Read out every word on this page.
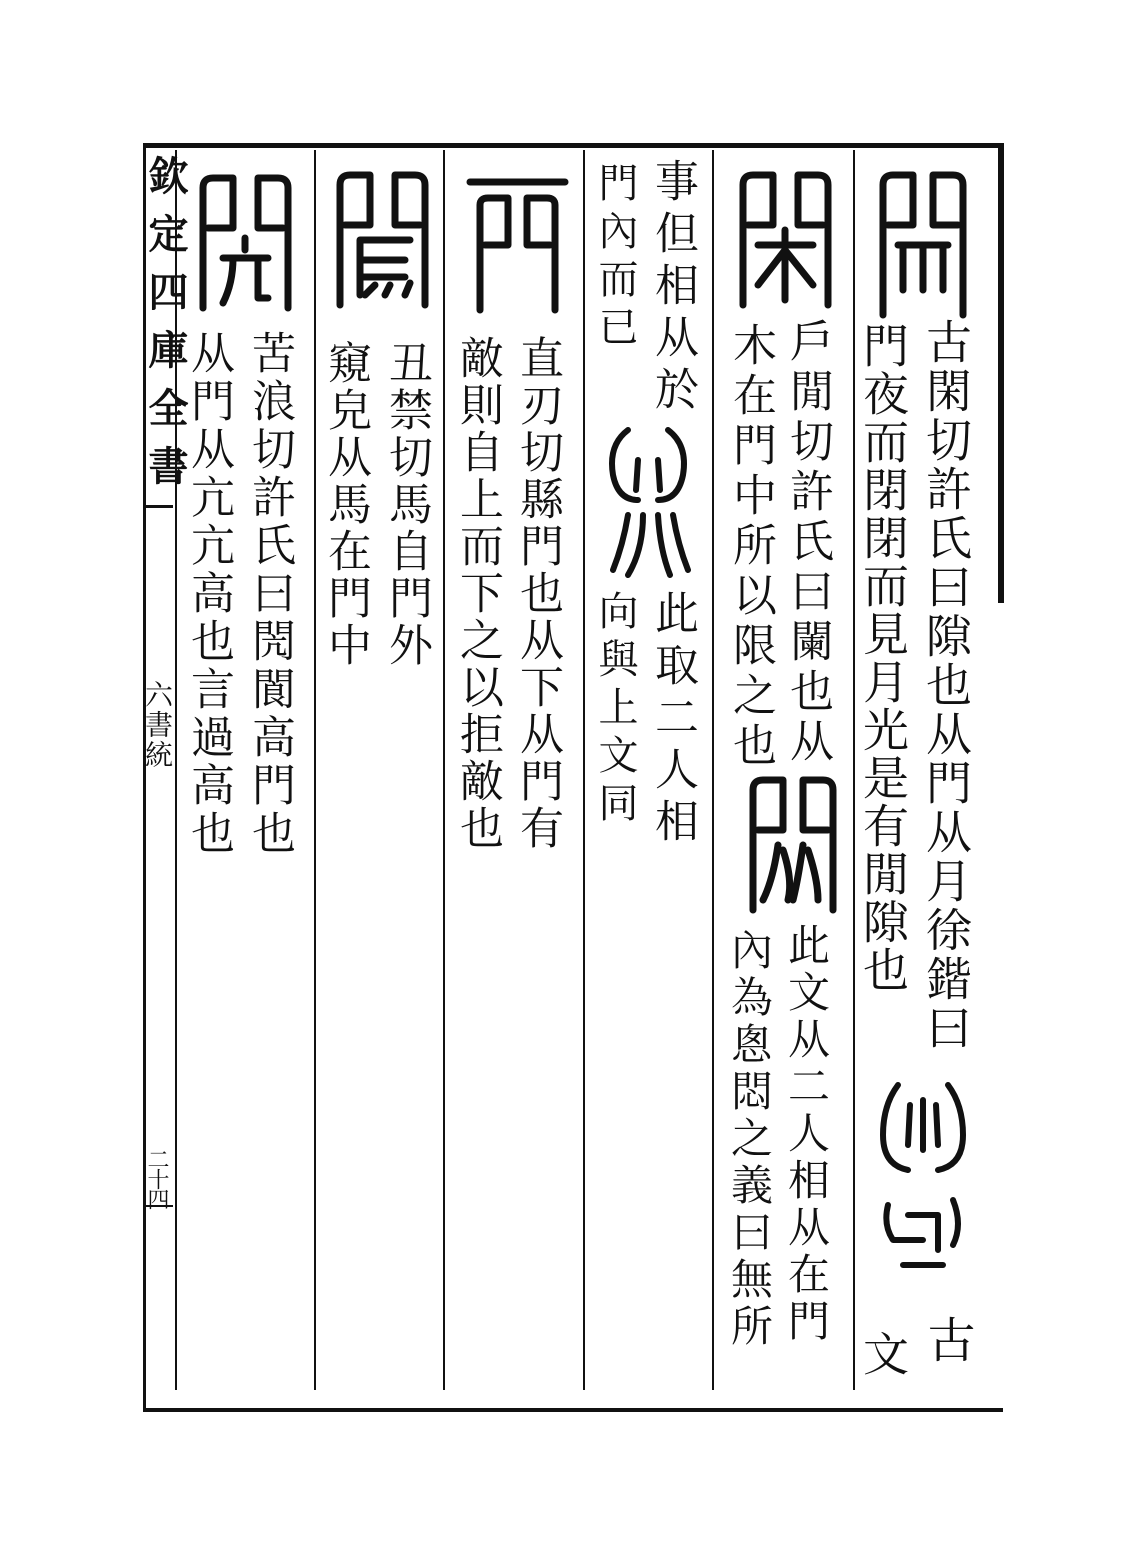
欽定四庫全書
六書統
二十四
古閑切許氏曰隙也从門从月徐鍇曰
門夜而閉閉而見月光是有閒隙也
古
文
戶閒切許氏曰闌也从
木在門中所以限之也
此文从二人相从在門
內為悤悶之義曰無所
事但相从於
此取二人相
門內而已
向與上文同
直刃切縣門也从下从門有
敵則自上而下之以拒敵也
丑禁切馬自門外
窺皃从馬在門中
苦浪切許氏曰閌閬高門也
从門从亢亢高也言過高也
